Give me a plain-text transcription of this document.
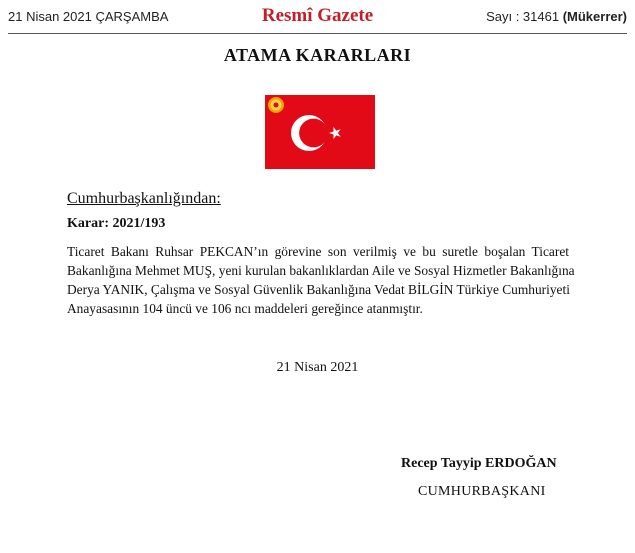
21 Nisan 2021 ÇARŞAMBA	Resmî Gazete	Sayı : 31461 (Mükerrer)
ATAMA KARARLARI
Cumhurbaşkanlığından:
Karar: 2021/193
Ticaret Bakanı Ruhsar PEKCAN’ın görevine son verilmiş ve bu suretle boşalan Ticaret
Bakanlığına Mehmet MUŞ, yeni kurulan bakanlıklardan Aile ve Sosyal Hizmetler Bakanlığına
Derya YANIK, Çalışma ve Sosyal Güvenlik Bakanlığına Vedat BİLGİN Türkiye Cumhuriyeti
Anayasasının 104 üncü ve 106 ncı maddeleri gereğince atanmıştır.
21 Nisan 2021
Recep Tayyip ERDOĞAN
CUMHURBAŞKANI
